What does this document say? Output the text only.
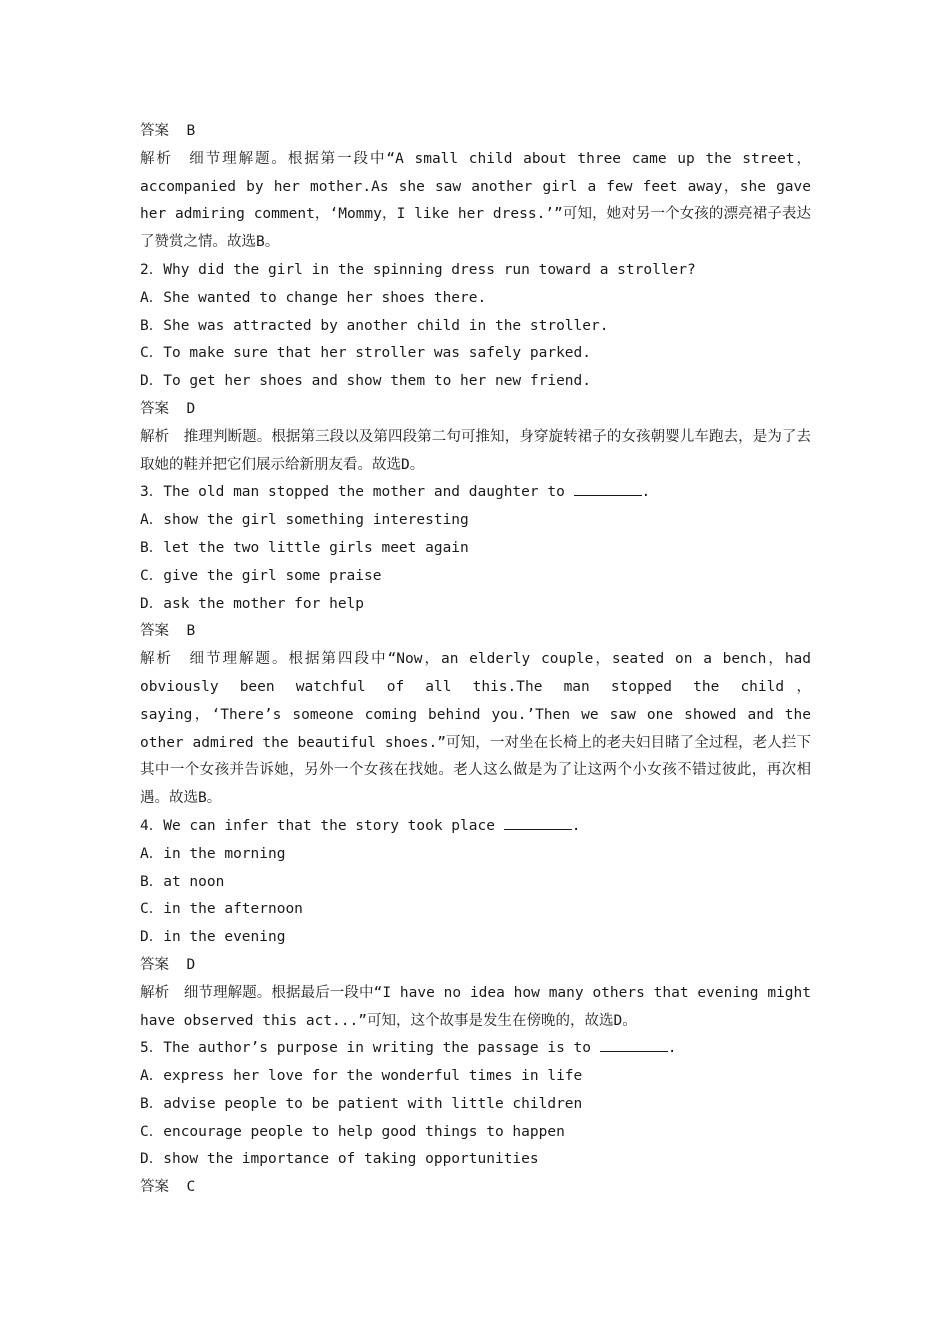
答案 B
解析　 细节理解题。根据第一段中“A small child about three came up the street，accompanied by her mother.As she saw another girl a few feet away，she gave her admiring comment，‘Mommy，I like her dress.’”可知，她对另一个女孩的漂亮裙子表达了赞赏之情。故选B。
2．Why did the girl in the spinning dress run toward a stroller?
A．She wanted to change her shoes there.
B．She was attracted by another child in the stroller.
C．To make sure that her stroller was safely parked.
D．To get her shoes and show them to her new friend.
答案 D
解析　 推理判断题。根据第三段以及第四段第二句可推知，身穿旋转裙子的女孩朝婴儿车跑去，是为了去取她的鞋并把它们展示给新朋友看。故选D。
3．The old man stopped the mother and daughter to	.
A．show the girl something interesting
B．let the two little girls meet again
C．give the girl some praise
D．ask the mother for help
答案 B
解析　 细节理解题。根据第四段中“Now，an elderly couple，seated on a bench，had obviously been watchful of all this.The man stopped the child，saying，‘There’s someone coming behind you.’Then we saw one showed and the other admired the beautiful shoes.”可知，一对坐在长椅上的老夫妇目睹了全过程，老人拦下其中一个女孩并告诉她，另外一个女孩在找她。老人这么做是为了让这两个小女孩不错过彼此，再次相遇。故选B。
4．We can infer that the story took place	.
A．in the morning
B．at noon
C．in the afternoon
D．in the evening
答案 D
解析　 细节理解题。根据最后一段中“I have no idea how many others that evening might have observed this act...”可知，这个故事是发生在傍晚的，故选D。
5．The author’s purpose in writing the passage is to	.
A．express her love for the wonderful times in life
B．advise people to be patient with little children
C．encourage people to help good things to happen
D．show the importance of taking opportunities
答案 C
